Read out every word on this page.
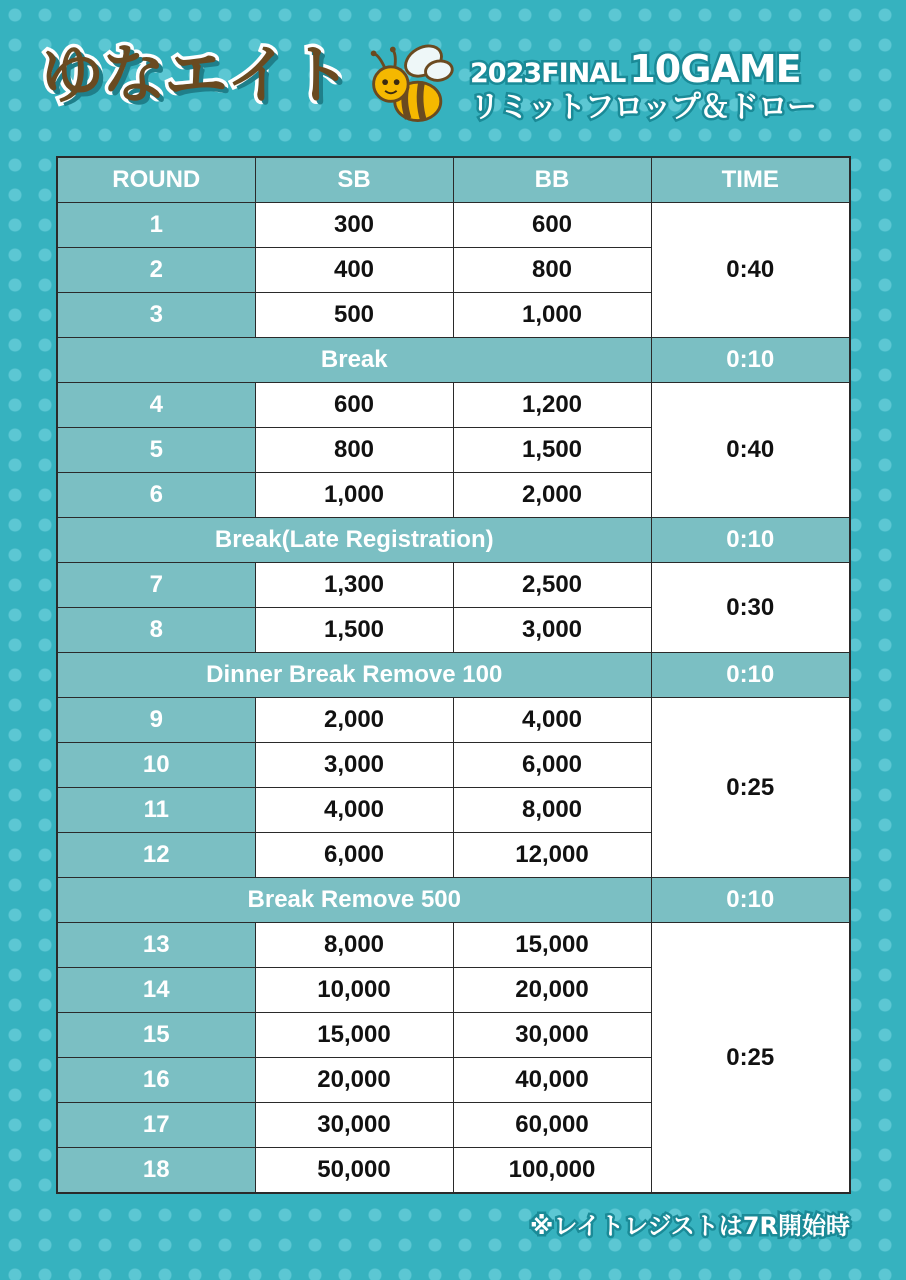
ゆなエイト	2023FINAL 10GAME
リミットフロップ＆ドロー
ROUND	SB	BB	TIME
1	300	600	0:40
2	400	800	
3	500	1,000	
Break			0:10
4	600	1,200	0:40
5	800	1,500	
6	1,000	2,000	
Break(Late Registration)			0:10
7	1,300	2,500	0:30
8	1,500	3,000	
Dinner Break Remove 100			0:10
9	2,000	4,000	0:25
10	3,000	6,000	
11	4,000	8,000	
12	6,000	12,000	
Break Remove 500			0:10
13	8,000	15,000	0:25
14	10,000	20,000	
15	15,000	30,000	
16	20,000	40,000	
17	30,000	60,000	
18	50,000	100,000	
※レイトレジストは7R開始時
